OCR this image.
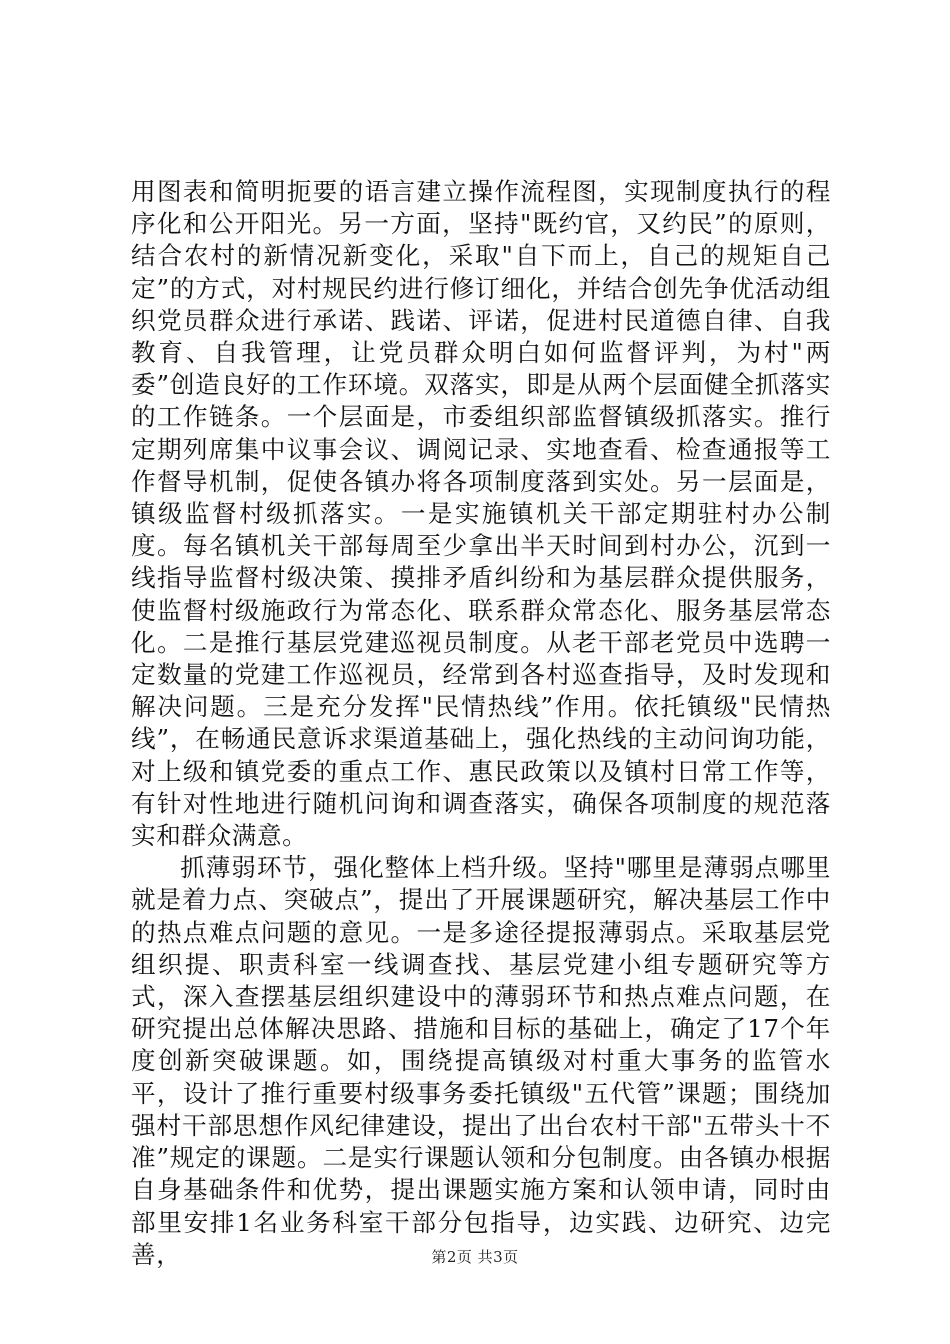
用图表和简明扼要的语言建立操作流程图，实现制度执行的程序化和公开阳光。另一方面，坚持"既约官，又约民”的原则，结合农村的新情况新变化，采取"自下而上，自己的规矩自己定”的方式，对村规民约进行修订细化，并结合创先争优活动组织党员群众进行承诺、践诺、评诺，促进村民道德自律、自我教育、自我管理，让党员群众明白如何监督评判，为村"两委”创造良好的工作环境。双落实，即是从两个层面健全抓落实的工作链条。一个层面是，市委组织部监督镇级抓落实。推行定期列席集中议事会议、调阅记录、实地查看、检查通报等工作督导机制，促使各镇办将各项制度落到实处。另一层面是，镇级监督村级抓落实。一是实施镇机关干部定期驻村办公制度。每名镇机关干部每周至少拿出半天时间到村办公，沉到一线指导监督村级决策、摸排矛盾纠纷和为基层群众提供服务，使监督村级施政行为常态化、联系群众常态化、服务基层常态化。二是推行基层党建巡视员制度。从老干部老党员中选聘一定数量的党建工作巡视员，经常到各村巡查指导，及时发现和解决问题。三是充分发挥"民情热线”作用。依托镇级"民情热线”，在畅通民意诉求渠道基础上，强化热线的主动问询功能，对上级和镇党委的重点工作、惠民政策以及镇村日常工作等，有针对性地进行随机问询和调查落实，确保各项制度的规范落实和群众满意。

抓薄弱环节，强化整体上档升级。坚持"哪里是薄弱点哪里就是着力点、突破点”，提出了开展课题研究，解决基层工作中的热点难点问题的意见。一是多途径提报薄弱点。采取基层党组织提、职责科室一线调查找、基层党建小组专题研究等方式，深入查摆基层组织建设中的薄弱环节和热点难点问题，在研究提出总体解决思路、措施和目标的基础上，确定了17个年度创新突破课题。如，围绕提高镇级对村重大事务的监管水平，设计了推行重要村级事务委托镇级"五代管”课题；围绕加强村干部思想作风纪律建设，提出了出台农村干部"五带头十不准”规定的课题。二是实行课题认领和分包制度。由各镇办根据自身基础条件和优势，提出课题实施方案和认领申请，同时由部里安排1名业务科室干部分包指导，边实践、边研究、边完善，	第2页 共3页
